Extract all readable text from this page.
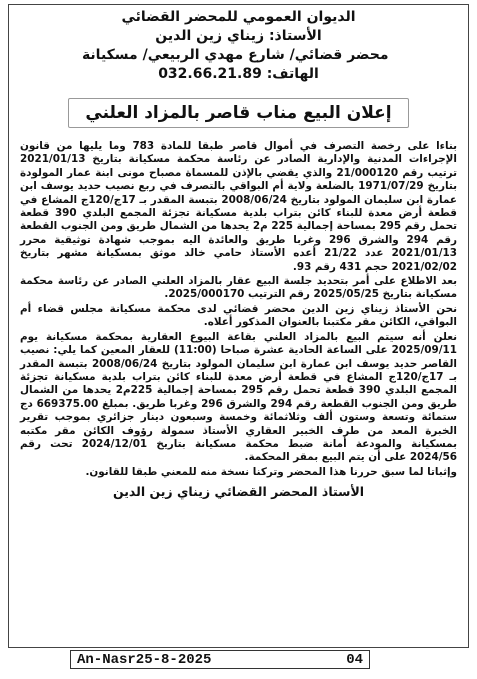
الديوان العمومي للمحضر القضائي
الأستاذ: زيناي زين الدين
محضر قضائي/ شارع مهدي الربيعي/ مسكيانة
الهاتف: 032.66.21.89
إعلان البيع مناب قاصر بالمزاد العلني

بناءا على رخصة التصرف في أموال قاصر طبقا للمادة 783 وما يليها من قانون الإجراءات المدنية والإدارية الصادر عن رئاسة محكمة مسكيانة بتاريخ 2021/01/13 ترتيب رقم 21/000120 والذي يقضي بالإذن للمسماة مصباح مونى ابنة عمار المولودة بتاريخ 1971/07/29 بالضلعة ولاية أم البواقي بالتصرف في ربع نصيب حديد يوسف ابن عمارة ابن سليمان المولود بتاريخ 2008/06/24 بتبسة المقدر بـ 17ج/120ج المشاع في قطعة أرض معدة للبناء كائن بتراب بلدية مسكيانة تجزئة المجمع البلدي 390 قطعة تحمل رقم 295 بمساحة إجمالية 225 م2 يحدها من الشمال طريق ومن الجنوب القطعة رقم 294 والشرق 296 وغربا طريق والعائدة اليه بموجب شهادة توثيقية محرر 2021/01/13 عدد 21/22 أعده الأستاذ حامي خالد موثق بمسكيانة مشهر بتاريخ 2021/02/02 حجم 431 رقم 93.

بعد الاطلاع على أمر بتحديد جلسة البيع عقار بالمزاد العلني الصادر عن رئاسة محكمة مسكيانة بتاريخ 2025/05/25 رقم الترتيب 2025/000170.

نحن الأستاذ زيناي زين الدين محضر قضائي لدى محكمة مسكيانة مجلس قضاء أم البواقي، الكائن مقر مكتبنا بالعنوان المذكور أعلاه.

نعلن أنه سيتم البيع بالمزاد العلني بقاعة البيوع العقارية بمحكمة مسكيانة يوم 2025/09/11 على الساعة الحادية عشرة صباحا (11:00) للعقار المعين كما يلي: نصيب القاصر حديد يوسف ابن عمارة ابن سليمان المولود بتاريخ 2008/06/24 بتبسة المقدر بـ 17ج/120ج المشاع في قطعة أرض معدة للبناء كائن بتراب بلدية مسكيانة تجزئة المجمع البلدي 390 قطعة تحمل رقم 295 بمساحة إجمالية 225م2 يحدها من الشمال طريق ومن الجنوب القطعة رقم 294 والشرق 296 وغربا طريق. بمبلغ 669375.00 دج ستمائة وتسعة وستون ألف وثلاثمائة وخمسة وسبعون دينار جزائري بموجب تقرير الخبرة المعد من طرف الخبير العقاري الأستاذ سمولة رؤوف الكائن مقر مكتبه بمسكيانة والمودعة أمانة ضبط محكمة مسكيانة بتاريخ 2024/12/01 تحت رقم 2024/56 على أن يتم البيع بمقر المحكمة.

وإثباتا لما سبق حررنا هذا المحضر وتركنا نسخة منه للمعني طبقا للقانون.

الأستاذ المحضر القضائي زيناي زين الدين
An-Nasr25-8-2025	04
